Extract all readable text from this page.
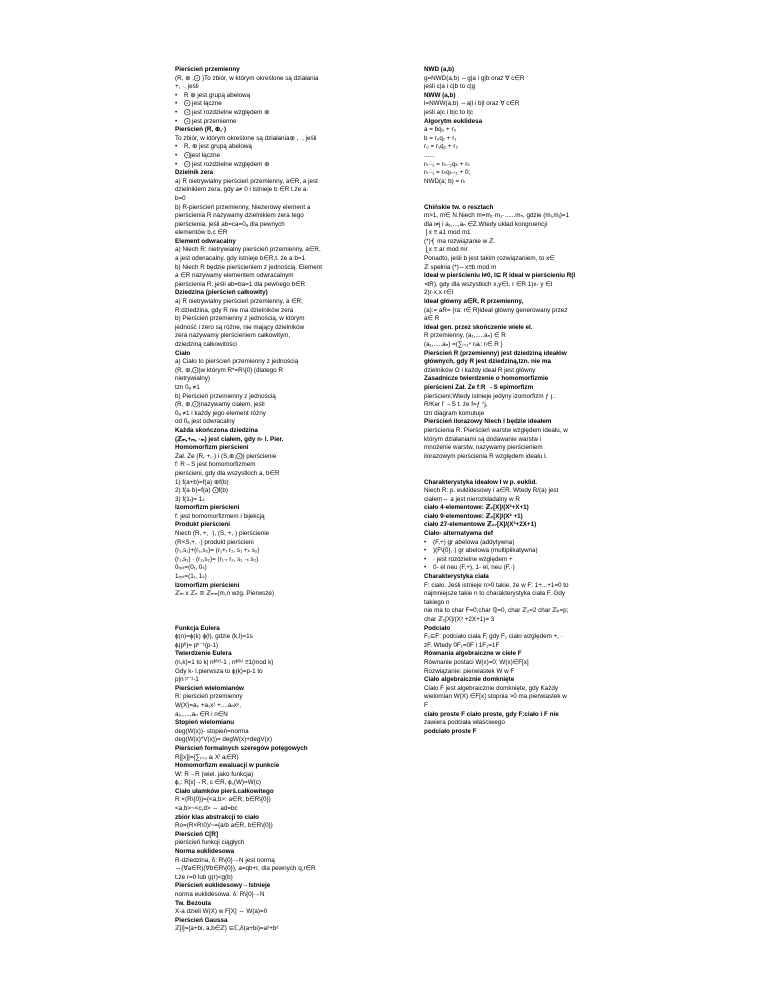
Pierścień przemienny
(R, ⊕ ,⨀ )To zbiór, w którym określone są działania
+, ·, jeśli
• R ⊕ jest grupą abelową
• ⨀ jest łączne
• ⨀ jest rozdzielne względem ⊕
• ⨀ jest przemienne
Pierścień (R, ⊕,·)
To zbiór, w którym określone są działania⊕ , ·, jeśli
• R, ⊕ jest grupą abelową
• ⨀jest łączne
• ⨀ jest rozdzielne względem ⊕
Dzielnik zera
a) R nietrywialny pierścień przemienny, a∈R, a jest
dzielnikiem zera, gdy a≠ 0 i istnieje b ∈R t.że a·
b=0
b) R-pierścień przemienny, Niezerowy element a
pierścienia R nazywamy dzielnikiem zera tego
pierścienia, jeśli ab=ca=0ₐ dla pewnych
elementów b,c ∈R
Element odwracalny
a) Niech R: nietrywialny pierścień przemienny, a∈R,
a jest odwracalny, gdy istnieje b∈R,t. że a·b=1
b) Niech R będzie pierścieniem z jednością. Element
a ∈R nazywamy elementem odwracalnym
pierścienia R, jeśli ab=ba=1 dla pewnego b∈R
Dziedzina (pierścień całkowity)
a) R nietrywialny pierścień przemienny, a ∈R;
R:dziedzina, gdy R nie ma dzielników zera
b) Pierścień przemienny z jednością, w którym
jedność i zero są różne, nie mający dzielników
zera nazywamy pierścieniem całkowitym,
dziedziną całkowitości
Ciało
a) Ciało to pierścień przemienny z jednością
(R, ⊕,⨀)w którym R*=R\{0} (dlatego R
nietrywialny)
tzn 0ₐ ≠1
b) Pierścień przemienny z jednością
(R, ⊕,⨀)nazywamy ciałem, jeśli
0ₐ ≠1 i każdy jego element różny
od 0ₐ jest odwracalny
Każda skończona dziedzina
(ℤₘ,+ₘ, ·ₘ) jest ciałem, gdy n- l. Pier.
Homomorfizm pierścieni
Zał. Ze (R, +,·) i (S,⊕,⨀) pierścienie
f: R→S jest homomorfizmem
pierścieni, gdy dla wszystkich a, b∈R
1) f(a+b)=f(a) ⊕f(b)
2) f(a·b)=f(a) ⨀f(b)
3) f(1ᵣ)= 1ₛ
Izomorfizm pierścieni
f: jest homomorfizmem i bijekcją
Produkt pierścieni
Niech (R, +, ·), (S, +,·) pierścienie
(R×S,+, ·) produkt pierścieni
(r₁,s₁)+(r₂,s₂)= (r₁+ᵣ r₂, s₁ +ₛ s₂)
(r₁,s₁) · (r₂,s₂)= (r₁·ᵣ r₂, s₁ ·ₛ s₂)
0ᵣₓₛ=(0ᵣ, 0ₛ)
1ᵣₓₛ=(1ᵣ, 1ₛ)
Izomorfizm pierścieni
ℤₘ x ℤₙ ≅ ℤₘₙ(m,n wzg. Pierwsze)
Funkcja Eulera
ϕ(n)=ϕ(k) ϕ(l), gdzie (k,l)=1s
ϕ(pᵏ)= pᵏ⁻¹(p-1)
Twierdzenie Eulera
(n,k)=1 to k| nᶲ⁽ᵏ⁾-1 , nᶲ⁽ᵏ⁾ ≡1(mod k)
Gdy k- l.pierwsza to ϕ(k)=p-1 to
p|n ᵖ⁻¹-1
Pierścień wielomianów
R: pierścień przemienny
W(X)=a₀ +a₁x¹ +....aₙxⁿ,
a₀,....,aₙ ∈R i n∈N
Stopień wielomianu
deg(W(x))- stopień=norma
deg(W(x)*V(x))= degW(x)+degV(x)
Pierścień formalnych szeregów potęgowych
R[[x]]={∑ᵢ₌₀ aᵢ Xⁱ aᵢ∈R)
Homomorfizm ewaluacji w punkcie
W: R→R (wiel. jako funkcja)
ϕ꜀: R[x]→R, c ∈R, ϕ꜀(W)=Ŵ(c)
Ciało ułamków pierś.całkowitego
R ×(R\{0})={<a,b>: a∈R, b∈R\{0})
<a,b>~<c,d> ⇔ ad=bc
zbiór klas abstrakcji to ciało
Ro=(R×R\0)/~={a/b a∈R, b∈R\{0})
Pierścień C[R]
pierścień funkcji ciągłych
Norma euklidesowa
R-dziedzina, δ: R\{0}→N jest normą
⇔(∀a∈R)(∀b∈R\{0}), a=qb+r, dla pewnych q,r∈R
t.że r=0 lub g(r)<g(b)
Pierścień euklidesowy⇔Istnieje
norma euklidesowa: δ: R\{0}→N
Tw. Bezouta
X-a dzieli W(X) w F[X] ⇔ W(a)=0
Pierścień Gaussa
ℤ[i]={a+bi, a,b∈ℤ} ⊆ℂ,δ(a+bi)=a²+b²
NWD (a,b)
g=NWD(a,b) ⇔g|a i g|b oraz ∀ c∈R
jeśli c|a i c|b to c|g
NWW (a,b)
l=NWW(a,b) ⇔a|l i b|l oraz ∀ c∈R
jeśli a|c i b|c to l|c
Algorytm euklidesa
a = bq₀ + r₀
b = r₀q₁ + r₁
r₀ = r₁q₂ + r₂
......
rₖ₋₂ = rₖ₋₁qₖ + rₖ
rₖ₋₁ = rₖqₖ₊₁ + 0;
NWD(a; b) = rₖ
Chińskie tw. o resztach
m>1, m∈ N.Niech m=m₁·m₂·......mₙ, gdzie (mᵢ,mⱼ)=1
dla i≠j i a₁,...,aₙ ∈Z.Wtedy układ kongruencji
⎧x ≡ a1 mod m1
(*)⎨ ma rozwiązanie w ℤ.
⎩x ≡ ar mod mr
Ponadto, jeśli b jest takim rozwiązaniem, to x∈
ℤ spełnia (*)⇔x≡b mod m
Ideał w pierścieniu I≠0, I⊆ R ideał w pierścieniu R(I
⊲R), gdy dla wszystkich x,y∈I, r ∈R 1)x- y ∈I
2)r·x,x·r∈I
Ideał główny a∈R, R przemienny,
(a):= aR= {ra: r∈ R}ideał główny generowany przez
a∈ R
Ideał gen. przez skończenie wiele el.
R przemienny, (a₁,.....aₙ) ∈ R
(a₁,.....aₙ) =(∑ᵢ₌₁ⁿ rᵢaᵢ: rᵢ∈ R }
Pierścień R (przemienny) jest dziedziną ideałów
głównych, gdy R jest dziedziną,tzn. nie ma
dzielników O i każdy ideał R jest główny
Zasadnicze twierdzenie o homomorfizmie
pierścieni Zał. Ze f:R →S epimorfizm
pierścieni;Wtedy istnieje jedyny izomorfizm ƒ ꞁ.:
R/Ker f →S t. że f=ƒ̄ °j,
tzn diagram komutuje
Pierścień ilorazowy Niech I będzie ideałem
pierścienia R. Pierścień warstw względem ideału, w
którym działaniami są dodawanie warstw i
mnożenie warstw, nazywamy pierścieniem
ilorazowym pierścienia R względem ideału I.
Charakterystyka ideałow I w p. euklid.
Niech R: p. euklidesowy i a∈R. Wtedy R/(a) jest
ciałem⇔ a jest nierozkładalny w R
ciało 4-elementowe: ℤ₂[X]/(X²+X+1)
ciało 9-elementowe: ℤ₃[X]/(X² +1)
ciało 27-elementowe ℤ₂₇[X]/(X³+2X+1)
Ciało- alternatywna def
• (F,+) gr abelowa (addytywna)
• )(F\{0},·) gr abelowa (multiplikatywna)
• · jest rozdzielne względem +
• 0- el neu (F,+), 1- el, neu (F,·)
Charakterystyka ciała
F: ciało. Jeśli istnieje n>0 takie, że w F: 1+...+1=0 to
najmniejsze takie n to charakterystyka ciała F. Gdy
takiego n
nie ma to char F=0;char ℚ=0, char ℤ₂=2 char ℤₚ=p;
char ℤ₂[X]/(X³ +2X+1)= 3
Podciało
F₁⊆F: podciało ciała F, gdy F₁ ciało względem +, ·
zF. Wtedy 0F₁=0F i 1F₁=1F
Równania algebraiczne w ciele F
Równanie postaci W(x)=0; W(x)∈F[x]
Rozwiązanie: pierwiastek W w F
Ciało algebraicznie domknięte
Ciało F jest algebraicznie domknięte, gdy Każdy
wielomian W(X) ∈F[x] stopnia >0 ma pierwiastek w
F
ciało proste F ciało proste, gdy F:ciało i F nie
zawiera podciała właściwego
podciało proste F
